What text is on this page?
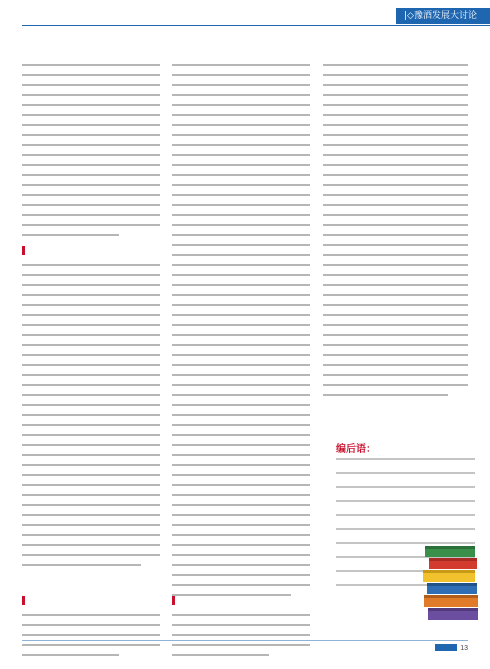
|◇豫酒发展大讨论
编后语：
13
